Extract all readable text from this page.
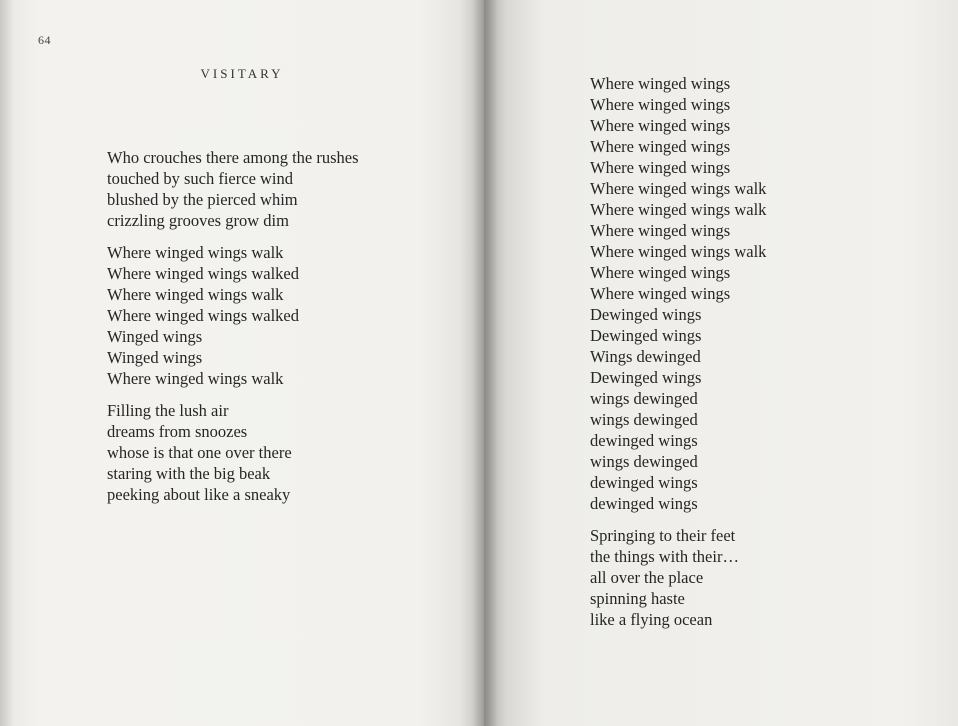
64
VISITARY

Who crouches there among the rushes
touched by such fierce wind
blushed by the pierced whim
crizzling grooves grow dim

Where winged wings walk
Where winged wings walked
Where winged wings walk
Where winged wings walked
Winged wings
Winged wings
Where winged wings walk

Filling the lush air
dreams from snoozes
whose is that one over there
staring with the big beak
peeking about like a sneaky

Where winged wings
Where winged wings
Where winged wings
Where winged wings
Where winged wings
Where winged wings walk
Where winged wings walk
Where winged wings
Where winged wings walk
Where winged wings
Where winged wings
Dewinged wings
Dewinged wings
Wings dewinged
Dewinged wings
wings dewinged
wings dewinged
dewinged wings
wings dewinged
dewinged wings
dewinged wings

Springing to their feet
the things with their…
all over the place
spinning haste
like a flying ocean
